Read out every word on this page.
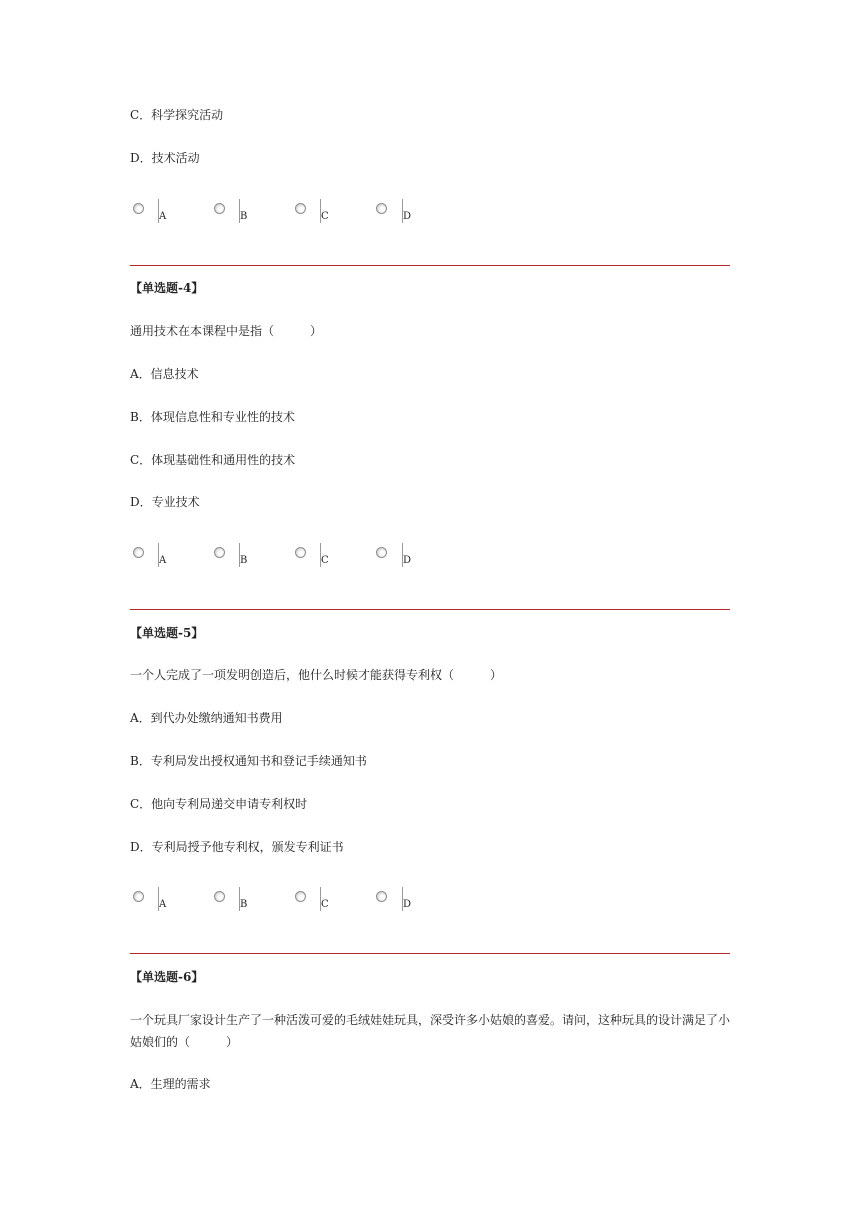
C．科学探究活动
D．技术活动
A	B	C	D
【单选题-4】
通用技术在本课程中是指（　　　）
A．信息技术
B．体现信息性和专业性的技术
C．体现基础性和通用性的技术
D．专业技术
A	B	C	D
【单选题-5】
一个人完成了一项发明创造后，他什么时候才能获得专利权（　　　）
A．到代办处缴纳通知书费用
B．专利局发出授权通知书和登记手续通知书
C．他向专利局递交申请专利权时
D．专利局授予他专利权，颁发专利证书
A	B	C	D
【单选题-6】
一个玩具厂家设计生产了一种活泼可爱的毛绒娃娃玩具，深受许多小姑娘的喜爱。请问，这种玩具的设计满足了小姑娘们的（　　　）
A．生理的需求
